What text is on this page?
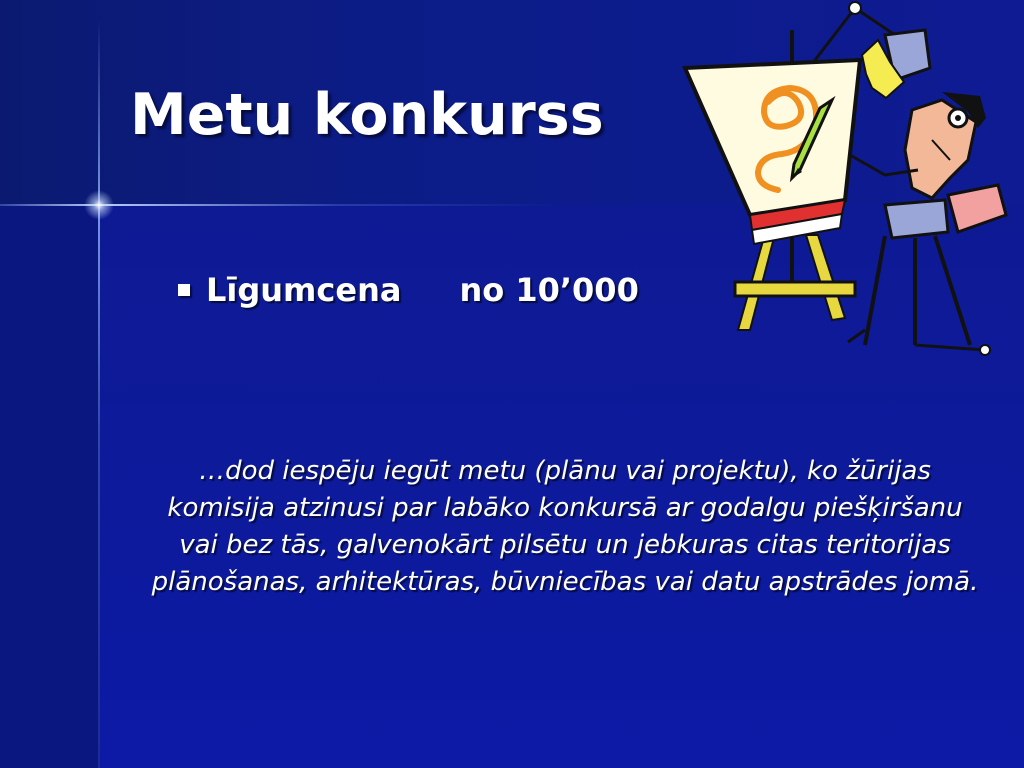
Metu konkurss
Līgumcena no 10’000

…dod iespēju iegūt metu (plānu vai projektu), ko žūrijas komisija atzinusi par labāko konkursā ar godalgu piešķiršanu vai bez tās, galvenokārt pilsētu un jebkuras citas teritorijas plānošanas, arhitektūras, būvniecības vai datu apstrādes jomā.
